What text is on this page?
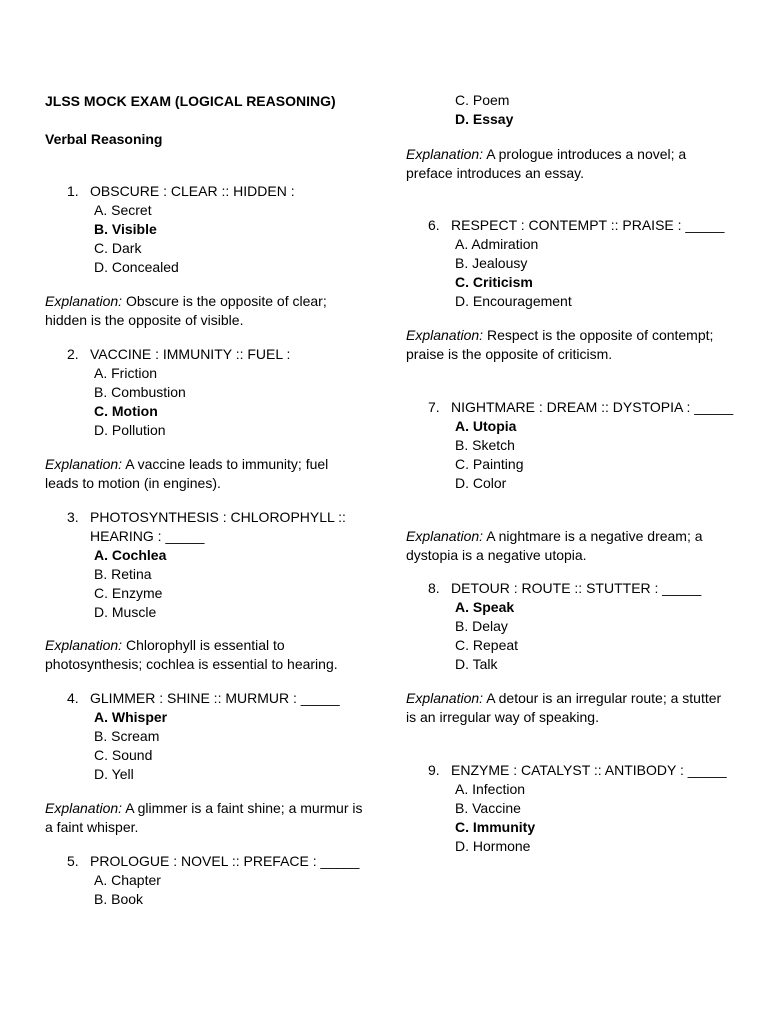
JLSS MOCK EXAM (LOGICAL REASONING)
Verbal Reasoning
1. OBSCURE : CLEAR :: HIDDEN :
A. Secret
B. Visible
C. Dark
D. Concealed

Explanation: Obscure is the opposite of clear; hidden is the opposite of visible.

2. VACCINE : IMMUNITY :: FUEL :
A. Friction
B. Combustion
C. Motion
D. Pollution

Explanation: A vaccine leads to immunity; fuel leads to motion (in engines).

3. PHOTOSYNTHESIS : CHLOROPHYLL :: HEARING : _____
A. Cochlea
B. Retina
C. Enzyme
D. Muscle

Explanation: Chlorophyll is essential to photosynthesis; cochlea is essential to hearing.

4. GLIMMER : SHINE :: MURMUR : _____
A. Whisper
B. Scream
C. Sound
D. Yell

Explanation: A glimmer is a faint shine; a murmur is a faint whisper.

5. PROLOGUE : NOVEL :: PREFACE : _____
A. Chapter
B. Book
C. Poem
D. Essay

Explanation: A prologue introduces a novel; a preface introduces an essay.

6. RESPECT : CONTEMPT :: PRAISE : _____
A. Admiration
B. Jealousy
C. Criticism
D. Encouragement

Explanation: Respect is the opposite of contempt; praise is the opposite of criticism.

7. NIGHTMARE : DREAM :: DYSTOPIA : _____
A. Utopia
B. Sketch
C. Painting
D. Color

Explanation: A nightmare is a negative dream; a dystopia is a negative utopia.

8. DETOUR : ROUTE :: STUTTER : _____
A. Speak
B. Delay
C. Repeat
D. Talk

Explanation: A detour is an irregular route; a stutter is an irregular way of speaking.

9. ENZYME : CATALYST :: ANTIBODY : _____
A. Infection
B. Vaccine
C. Immunity
D. Hormone
